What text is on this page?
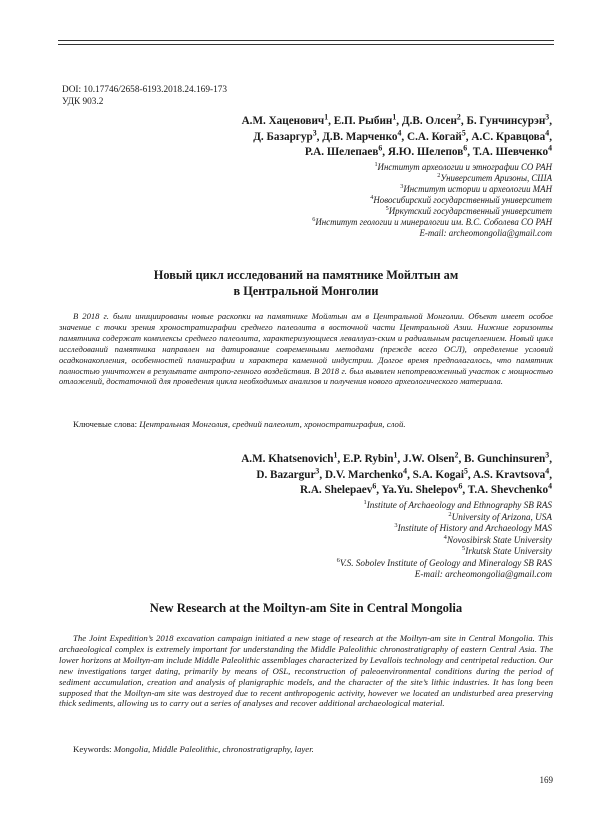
DOI: 10.17746/2658-6193.2018.24.169-173
УДК 903.2
А.М. Хаценович$^1$, Е.П. Рыбин$^1$, Д.В. Олсен$^2$, Б. Гунчинсурэн$^3$,
Д. Базаргур$^3$, Д.В. Марченко$^4$, С.А. Когай$^5$, А.С. Кравцова$^4$,
Р.А. Шелепаев$^6$, Я.Ю. Шелепов$^6$, Т.А. Шевченко$^4$
$^1$Институт археологии и этнографии СО РАН
$^2$Университет Аризоны, США
$^3$Институт истории и археологии МАН
$^4$Новосибирский государственный университет
$^5$Иркутский государственный университет
$^6$Институт геологии и минералогии им. В.С. Соболева СО РАН
E-mail: archeomongolia@gmail.com
Новый цикл исследований на памятнике Мойлтын ам
в Центральной Монголии
В 2018 г. были инициированы новые раскопки на памятнике Мойлтын ам в Центральной Монголии. Объект имеет особое значение с точки зрения хроностратиграфии среднего палеолита в восточной части Центральной Азии. Нижние горизонты памятника содержат комплексы среднего палеолита, характеризующиеся леваллуаз-ским и радиальным расщеплением. Новый цикл исследований памятника направлен на датирование современными методами (прежде всего ОСЛ), определение условий осадконакопления, особенностей планиграфии и характера каменной индустрии. Долгое время предполагалось, что памятник полностью уничтожен в результате антропо-генного воздействия. В 2018 г. был выявлен непотревоженный участок с мощностью отложений, достаточной для проведения цикла необходимых анализов и получения нового археологического материала.
Ключевые слова: Центральная Монголия, средний палеолит, хроностратиграфия, слой.
A.M. Khatsenovich$^1$, E.P. Rybin$^1$, J.W. Olsen$^2$, B. Gunchinsuren$^3$,
D. Bazargur$^3$, D.V. Marchenko$^4$, S.A. Kogai$^5$, A.S. Kravtsova$^4$,
R.A. Shelepaev$^6$, Ya.Yu. Shelepov$^6$, T.A. Shevchenko$^4$
$^1$Institute of Archaeology and Ethnography SB RAS
$^2$University of Arizona, USA
$^3$Institute of History and Archaeology MAS
$^4$Novosibirsk State University
$^5$Irkutsk State University
$^6$V.S. Sobolev Institute of Geology and Mineralogy SB RAS
E-mail: archeomongolia@gmail.com
New Research at the Moiltyn-am Site in Central Mongolia
The Joint Expedition’s 2018 excavation campaign initiated a new stage of research at the Moiltyn-am site in Central Mongolia. This archaeological complex is extremely important for understanding the Middle Paleolithic chronostratigraphy of eastern Central Asia. The lower horizons at Moiltyn-am include Middle Paleolithic assemblages characterized by Levallois technology and centripetal reduction. Our new investigations target dating, primarily by means of OSL, reconstruction of paleoenvironmental conditions during the period of sediment accumulation, creation and analysis of planigraphic models, and the character of the site’s lithic industries. It has long been supposed that the Moiltyn-am site was destroyed due to recent anthropogenic activity, however we located an undisturbed area preserving thick sediments, allowing us to carry out a series of analyses and recover additional archaeological material.
Keywords: Mongolia, Middle Paleolithic, chronostratigraphy, layer.
169
